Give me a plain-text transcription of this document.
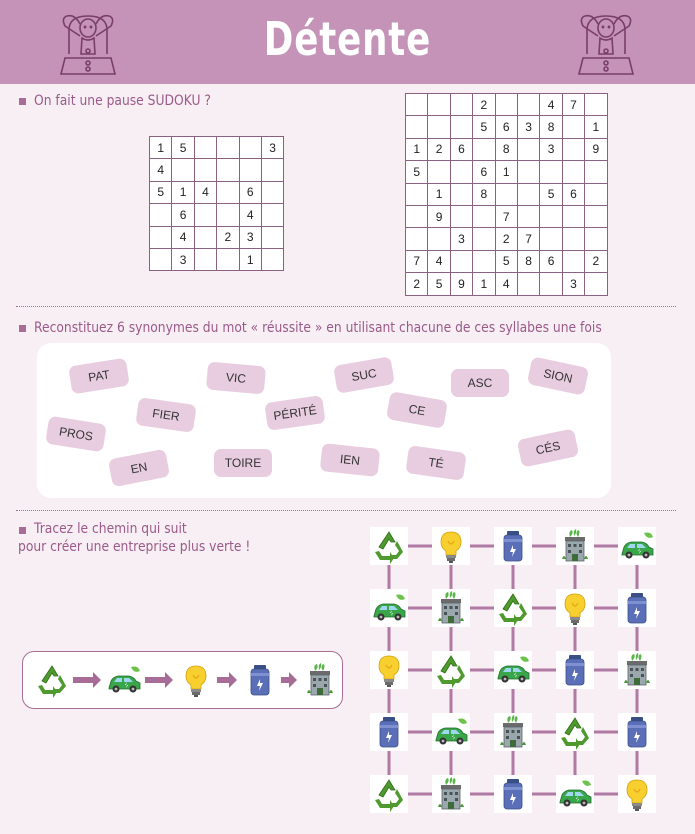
Détente
On fait une pause SUDOKU ?
1	5				3
4					
5	1	4		6	
	6			4	
	4		2	3	
	3			1	
			2			4	7	
			5	6	3	8		1
1	2	6		8		3		9
5			6	1				
	1		8			5	6	
	9			7				
		3		2	7			
7	4			5	8	6		2
2	5	9	1	4			3	
Reconstituez 6 synonymes du mot « réussite » en utilisant chacune de ces syllabes une fois
PAT	VIC	SUC	ASC	SION
FIER	PÉRITÉ	CE
PROS
CÉS
EN	TOIRE	IEN	TÉ
Tracez le chemin qui suit
pour créer une entreprise plus verte !
